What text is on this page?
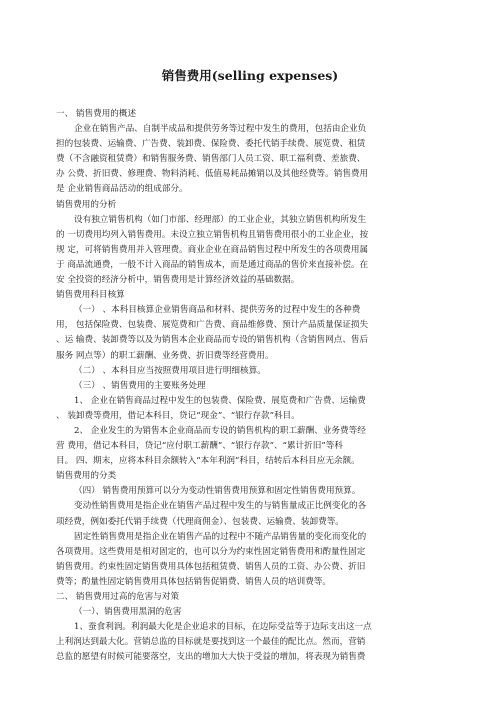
销售费用(selling expenses)
一、 销售费用的概述
企业在销售产品、自制半成品和提供劳务等过程中发生的费用，包括由企业负
担的包装费、运输费、广告费、装卸费、保险费、委托代销手续费、展览费、租赁
费（不含融资租赁费）和销售服务费、销售部门人员工资、职工福利费、差旅费、
办 公费、折旧费、修理费、物料消耗、低值易耗品摊销以及其他经费等。销售费用
是 企业销售商品活动的组成部分。
销售费用的分析
设有独立销售机构（如门市部、经理部）的工业企业，其独立销售机构所发生
的 一切费用均列入销售费用。未设立独立销售机构且销售费用很小的工业企业，按
规 定，可将销售费用并入管理费。商业企业在商品销售过程中所发生的各项费用属
于 商品流通费，一般不计入商品的销售成本，而是通过商品的售价来直接补偿。在
安 全投资的经济分析中，销售费用是计算经济效益的基础数据。
销售费用科目核算
（一） 、本科目核算企业销售商品和材料、提供劳务的过程中发生的各种费
用， 包括保险费、包装费、展览费和广告费、商品维修费、预计产品质量保证损失
、运 输费、装卸费等以及为销售本企业商品而专设的销售机构（含销售网点、售后
服务 网点等）的职工薪酬、业务费、折旧费等经营费用。
（二） 、本科目应当按照费用项目进行明细核算。
（三） 、销售费用的主要账务处理
1、 企业在销售商品过程中发生的包装费、保险费、展览费和广告费、运输费
、 装卸费等费用，借记本科目，贷记“现金”、“银行存款”科目。
2、 企业发生的为销售本企业商品而专设的销售机构的职工薪酬、业务费等经
营 费用，借记本科目，贷记“应付职工薪酬”、“银行存款”、“累计折旧”等科
目。 四、期末，应将本科目余额转入“本年利润”科目，结转后本科目应无余额。
销售费用的分类
（四） 销售费用预算可以分为变动性销售费用预算和固定性销售费用预算。
变动性销售费用是指企业在销售产品过程中发生的与销售量成正比例变化的各
项经费，例如委托代销手续费（代理商佣金）、包装费、运输费、装卸费等。
固定性销售费用是指企业在销售产品的过程中不随产品销售量的变化而变化的
各项费用。这些费用是相对固定的，也可以分为约束性固定销售费用和酌量性固定
销售费用。约束性固定销售费用具体包括租赁费、销售人员的工资、办公费、折旧
费等；酌量性固定销售费用具体包括销售促销费、销售人员的培训费等。
二、 销售费用过高的危害与对策
（一）、销售费用黑洞的危害
1、蚕食利润。利润最大化是企业追求的目标，在边际受益等于边际支出这一点
上利润达到最大化。营销总监的目标就是要找到这一个最佳的配比点。然而，营销
总监的愿望有时候可能要落空，支出的增加大大快于受益的增加，将表现为销售费
